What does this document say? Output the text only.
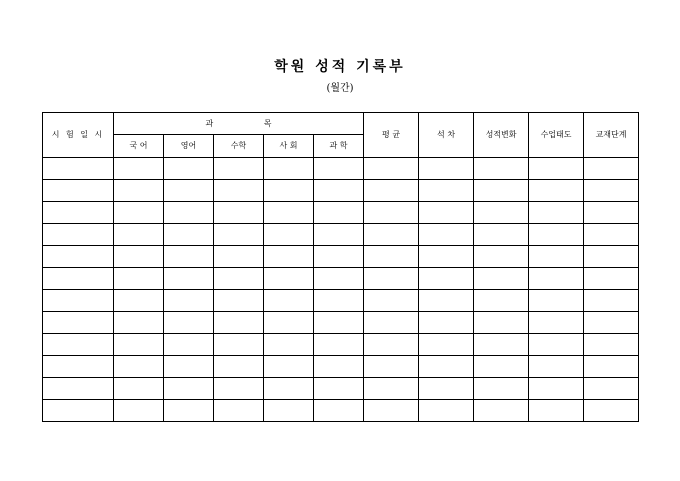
학원 성적 기록부
(월간)
시 험 일 시	과 목					평 균	석 차	성적변화	수업태도	교재단계
	국 어	영어	수학	사 회	과 학					
